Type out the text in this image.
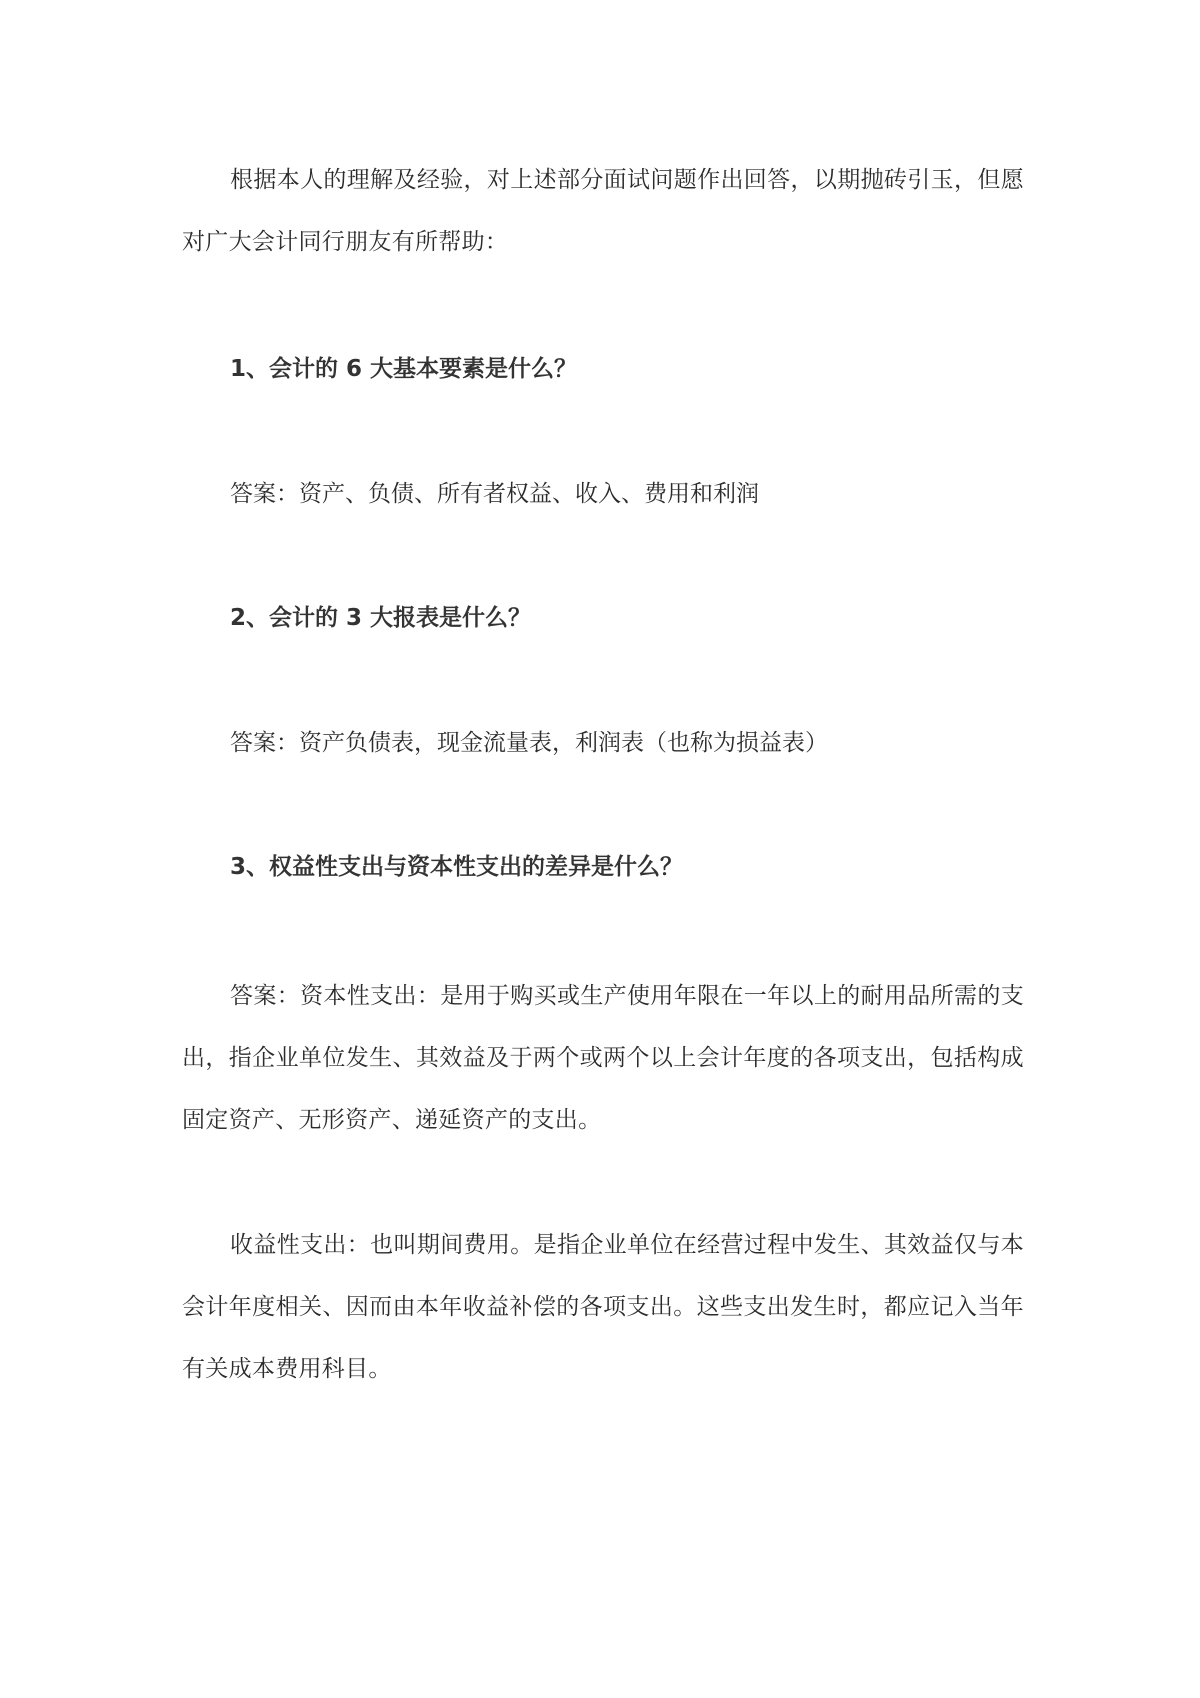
根据本人的理解及经验，对上述部分面试问题作出回答，以期抛砖引玉，但愿对广大会计同行朋友有所帮助：

1、会计的 6 大基本要素是什么？

答案：资产、负债、所有者权益、收入、费用和利润

2、会计的 3 大报表是什么？

答案：资产负债表，现金流量表，利润表（也称为损益表）

3、权益性支出与资本性支出的差异是什么？

答案：资本性支出：是用于购买或生产使用年限在一年以上的耐用品所需的支出，指企业单位发生、其效益及于两个或两个以上会计年度的各项支出，包括构成固定资产、无形资产、递延资产的支出。

收益性支出：也叫期间费用。是指企业单位在经营过程中发生、其效益仅与本会计年度相关、因而由本年收益补偿的各项支出。这些支出发生时，都应记入当年有关成本费用科目。
